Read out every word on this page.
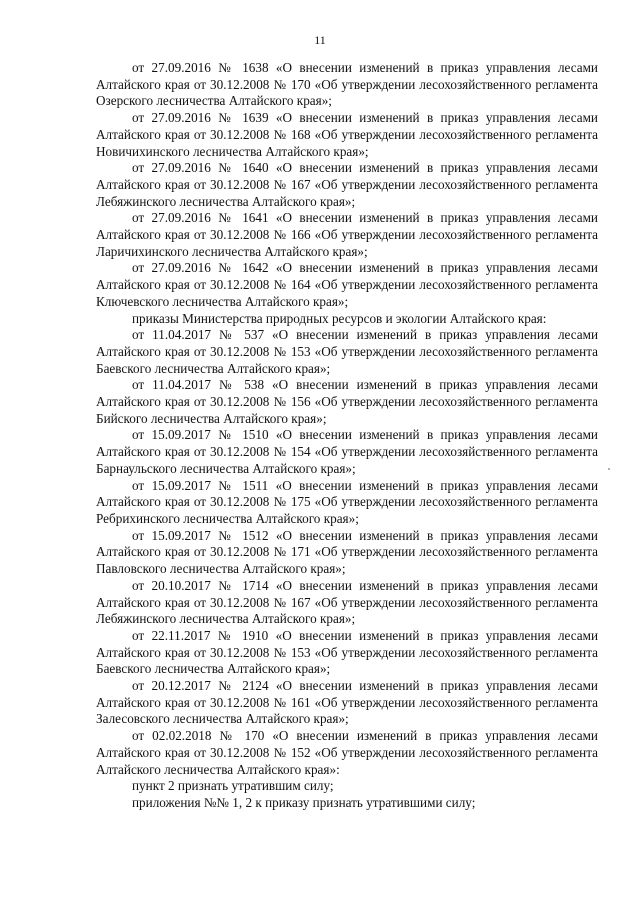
11

от 27.09.2016 № 1638 «О внесении изменений в приказ управления лесами Алтайского края от 30.12.2008 № 170 «Об утверждении лесохозяйственного регламента Озерского лесничества Алтайского края»;

от 27.09.2016 № 1639 «О внесении изменений в приказ управления лесами Алтайского края от 30.12.2008 № 168 «Об утверждении лесохозяйственного регламента Новичихинского лесничества Алтайского края»;

от 27.09.2016 № 1640 «О внесении изменений в приказ управления лесами Алтайского края от 30.12.2008 № 167 «Об утверждении лесохозяйственного регламента Лебяжинского лесничества Алтайского края»;

от 27.09.2016 № 1641 «О внесении изменений в приказ управления лесами Алтайского края от 30.12.2008 № 166 «Об утверждении лесохозяйственного регламента Ларичихинского лесничества Алтайского края»;

от 27.09.2016 № 1642 «О внесении изменений в приказ управления лесами Алтайского края от 30.12.2008 № 164 «Об утверждении лесохозяйственного регламента Ключевского лесничества Алтайского края»;

приказы Министерства природных ресурсов и экологии Алтайского края:

от 11.04.2017 № 537 «О внесении изменений в приказ управления лесами Алтайского края от 30.12.2008 № 153 «Об утверждении лесохозяйственного регламента Баевского лесничества Алтайского края»;

от 11.04.2017 № 538 «О внесении изменений в приказ управления лесами Алтайского края от 30.12.2008 № 156 «Об утверждении лесохозяйственного регламента Бийского лесничества Алтайского края»;

от 15.09.2017 № 1510 «О внесении изменений в приказ управления лесами Алтайского края от 30.12.2008 № 154 «Об утверждении лесохозяйственного регламента Барнаульского лесничества Алтайского края»;

от 15.09.2017 № 1511 «О внесении изменений в приказ управления лесами Алтайского края от 30.12.2008 № 175 «Об утверждении лесохозяйственного регламента Ребрихинского лесничества Алтайского края»;

от 15.09.2017 № 1512 «О внесении изменений в приказ управления лесами Алтайского края от 30.12.2008 № 171 «Об утверждении лесохозяйственного регламента Павловского лесничества Алтайского края»;

от 20.10.2017 № 1714 «О внесении изменений в приказ управления лесами Алтайского края от 30.12.2008 № 167 «Об утверждении лесохозяйственного регламента Лебяжинского лесничества Алтайского края»;

от 22.11.2017 № 1910 «О внесении изменений в приказ управления лесами Алтайского края от 30.12.2008 № 153 «Об утверждении лесохозяйственного регламента Баевского лесничества Алтайского края»;

от 20.12.2017 № 2124 «О внесении изменений в приказ управления лесами Алтайского края от 30.12.2008 № 161 «Об утверждении лесохозяйственного регламента Залесовского лесничества Алтайского края»;

от 02.02.2018 № 170 «О внесении изменений в приказ управления лесами Алтайского края от 30.12.2008 № 152 «Об утверждении лесохозяйственного регламента Алтайского лесничества Алтайского края»:

пункт 2 признать утратившим силу;

приложения №№ 1, 2 к приказу признать утратившими силу;
